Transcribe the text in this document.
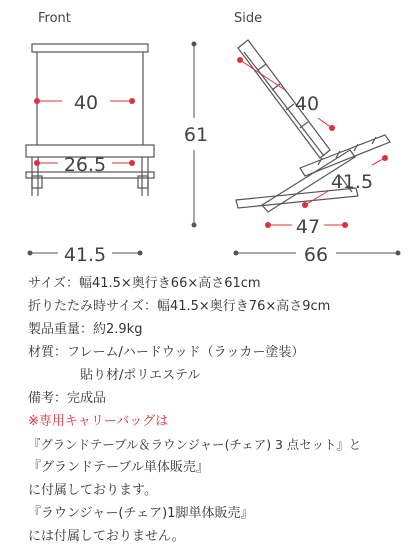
Front
40
26.5
41.5
61
Side
40
41.5
47
66
サイズ：幅41.5×奥行き66×高さ61cm
折りたたみ時サイズ：幅41.5×奥行き76×高さ9cm
製品重量：約2.9kg
材質：フレーム/ハードウッド（ラッカー塗装）
　　　　貼り材/ポリエステル
備考：完成品
※専用キャリーバッグは
『グランドテーブル＆ラウンジャー(チェア) 3 点セット』と
『グランドテーブル単体販売』
に付属しております。
『ラウンジャー(チェア)1脚単体販売』
には付属しておりません。
